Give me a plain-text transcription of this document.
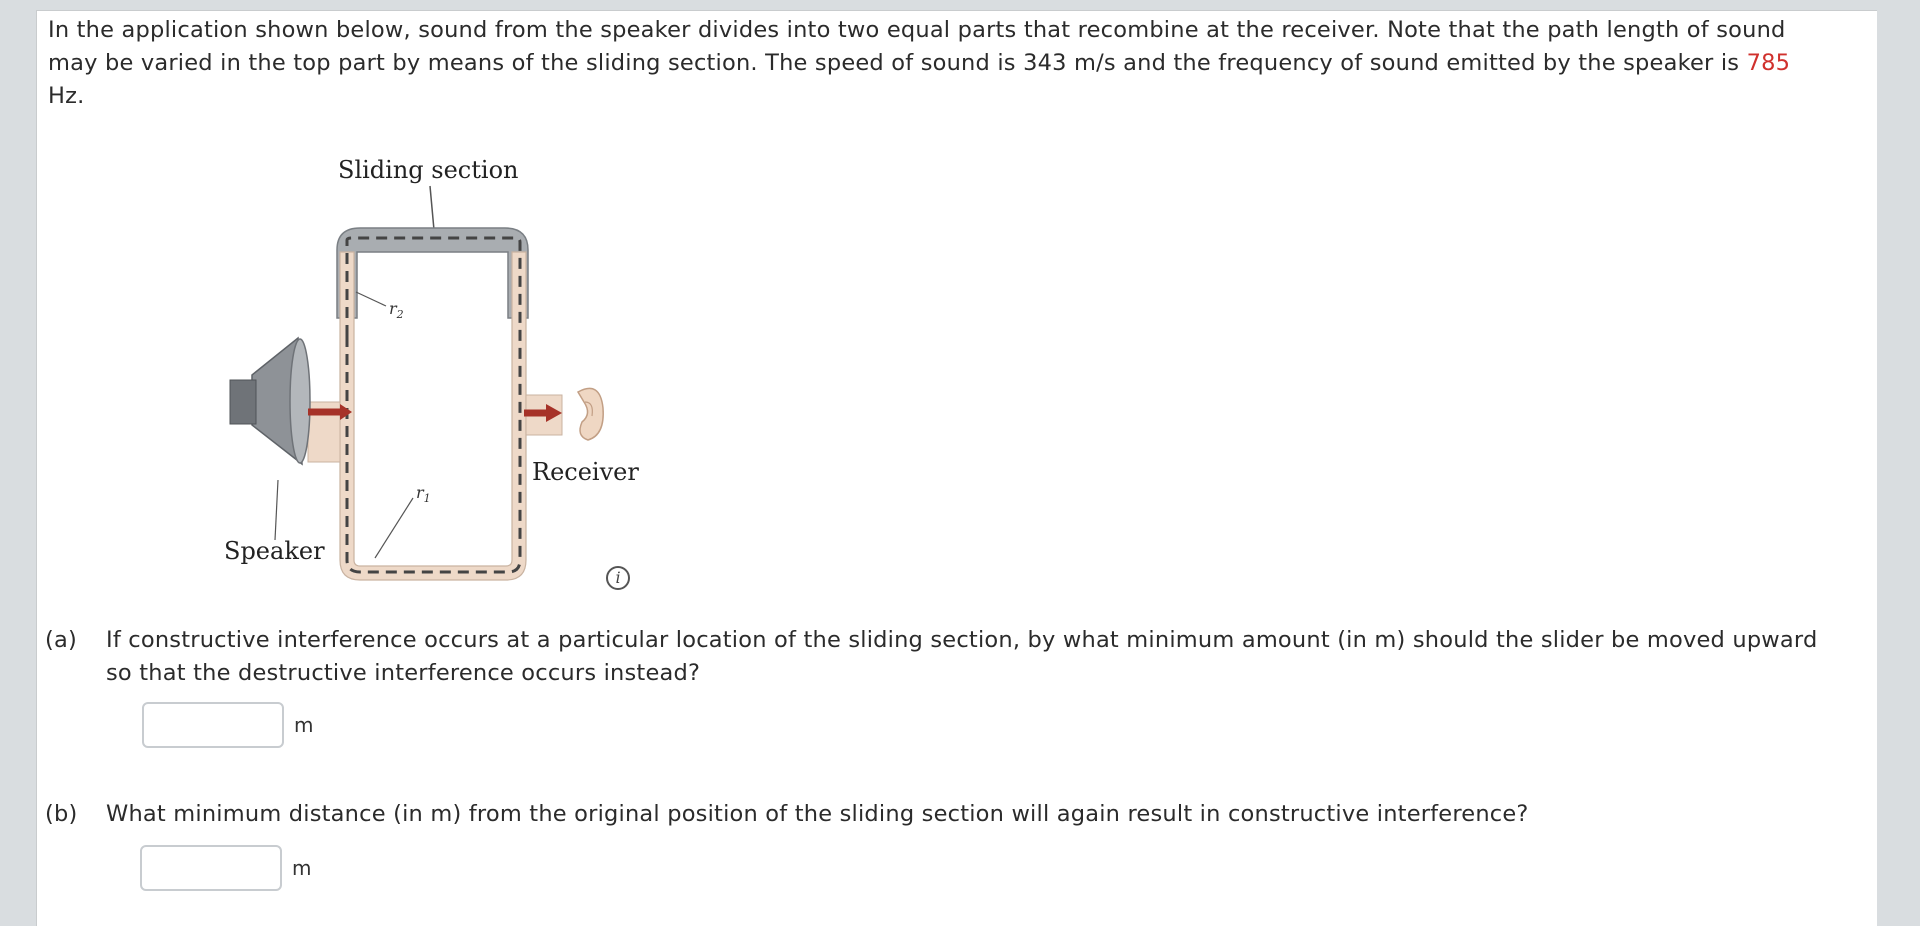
In the application shown below, sound from the speaker divides into two equal parts that recombine at the receiver. Note that the path length of sound may be varied in the top part by means of the sliding section. The speed of sound is 343 m/s and the frequency of sound emitted by the speaker is 785 Hz.
Sliding section
$r_2$
$r_1$
Speaker
Receiver
i
(a) If constructive interference occurs at a particular location of the sliding section, by what minimum amount (in m) should the slider be moved upward so that the destructive interference occurs instead?
m
(b) What minimum distance (in m) from the original position of the sliding section will again result in constructive interference?
m
